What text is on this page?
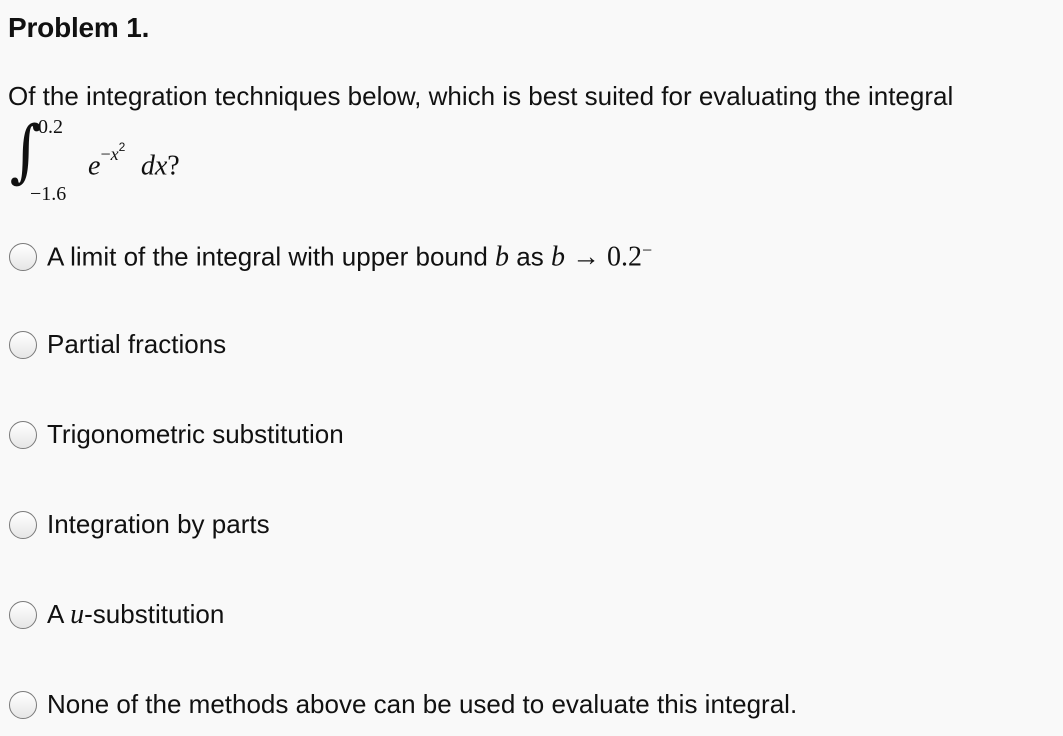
Problem 1.
Of the integration techniques below, which is best suited for evaluating the integral
∫
0.2
−1.6
$e^{-x^2}$  dx?
A limit of the integral with upper bound b as b → 0.2−
Partial fractions
Trigonometric substitution
Integration by parts
A u-substitution
None of the methods above can be used to evaluate this integral.
